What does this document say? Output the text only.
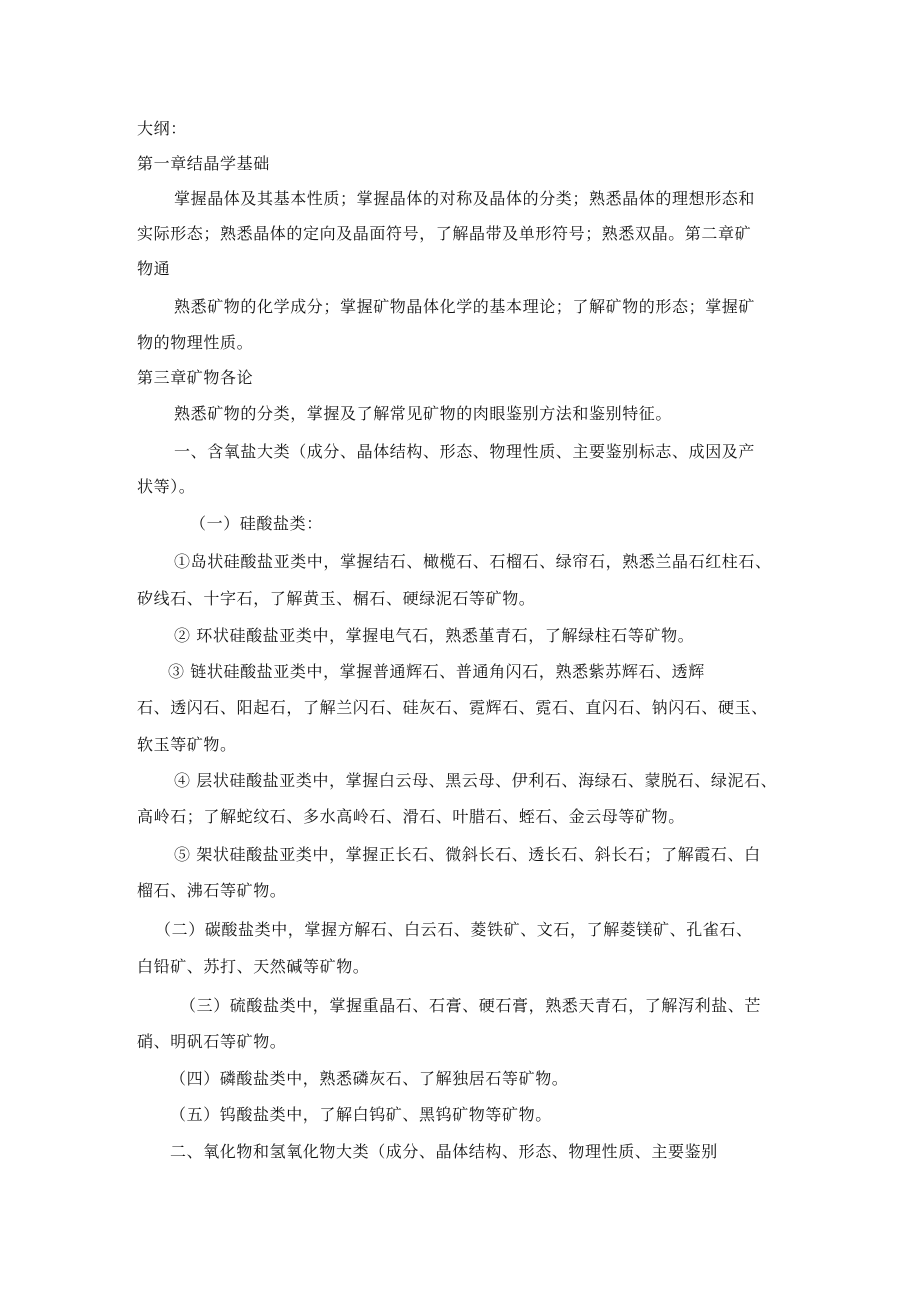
大纲：
第一章结晶学基础
掌握晶体及其基本性质；掌握晶体的对称及晶体的分类；熟悉晶体的理想形态和
实际形态；熟悉晶体的定向及晶面符号，了解晶带及单形符号；熟悉双晶。第二章矿
物通
熟悉矿物的化学成分；掌握矿物晶体化学的基本理论；了解矿物的形态；掌握矿
物的物理性质。
第三章矿物各论
熟悉矿物的分类，掌握及了解常见矿物的肉眼鉴别方法和鉴别特征。
一、含氧盐大类（成分、晶体结构、形态、物理性质、主要鉴别标志、成因及产
状等）。
（一）硅酸盐类：
①岛状硅酸盐亚类中，掌握结石、橄榄石、石榴石、绿帘石，熟悉兰晶石红柱石、
矽线石、十字石，了解黄玉、榍石、硬绿泥石等矿物。
② 环状硅酸盐亚类中，掌握电气石，熟悉堇青石，了解绿柱石等矿物。
③ 链状硅酸盐亚类中，掌握普通辉石、普通角闪石，熟悉紫苏辉石、透辉
石、透闪石、阳起石，了解兰闪石、硅灰石、霓辉石、霓石、直闪石、钠闪石、硬玉、
软玉等矿物。
④ 层状硅酸盐亚类中，掌握白云母、黑云母、伊利石、海绿石、蒙脱石、绿泥石、
高岭石；了解蛇纹石、多水高岭石、滑石、叶腊石、蛭石、金云母等矿物。
⑤ 架状硅酸盐亚类中，掌握正长石、微斜长石、透长石、斜长石；了解霞石、白
榴石、沸石等矿物。
（二）碳酸盐类中，掌握方解石、白云石、菱铁矿、文石，了解菱镁矿、孔雀石、
白铅矿、苏打、天然碱等矿物。
（三）硫酸盐类中，掌握重晶石、石膏、硬石膏，熟悉天青石，了解泻利盐、芒
硝、明矾石等矿物。
（四）磷酸盐类中，熟悉磷灰石、了解独居石等矿物。
（五）钨酸盐类中，了解白钨矿、黑钨矿物等矿物。
二、氧化物和氢氧化物大类（成分、晶体结构、形态、物理性质、主要鉴别
